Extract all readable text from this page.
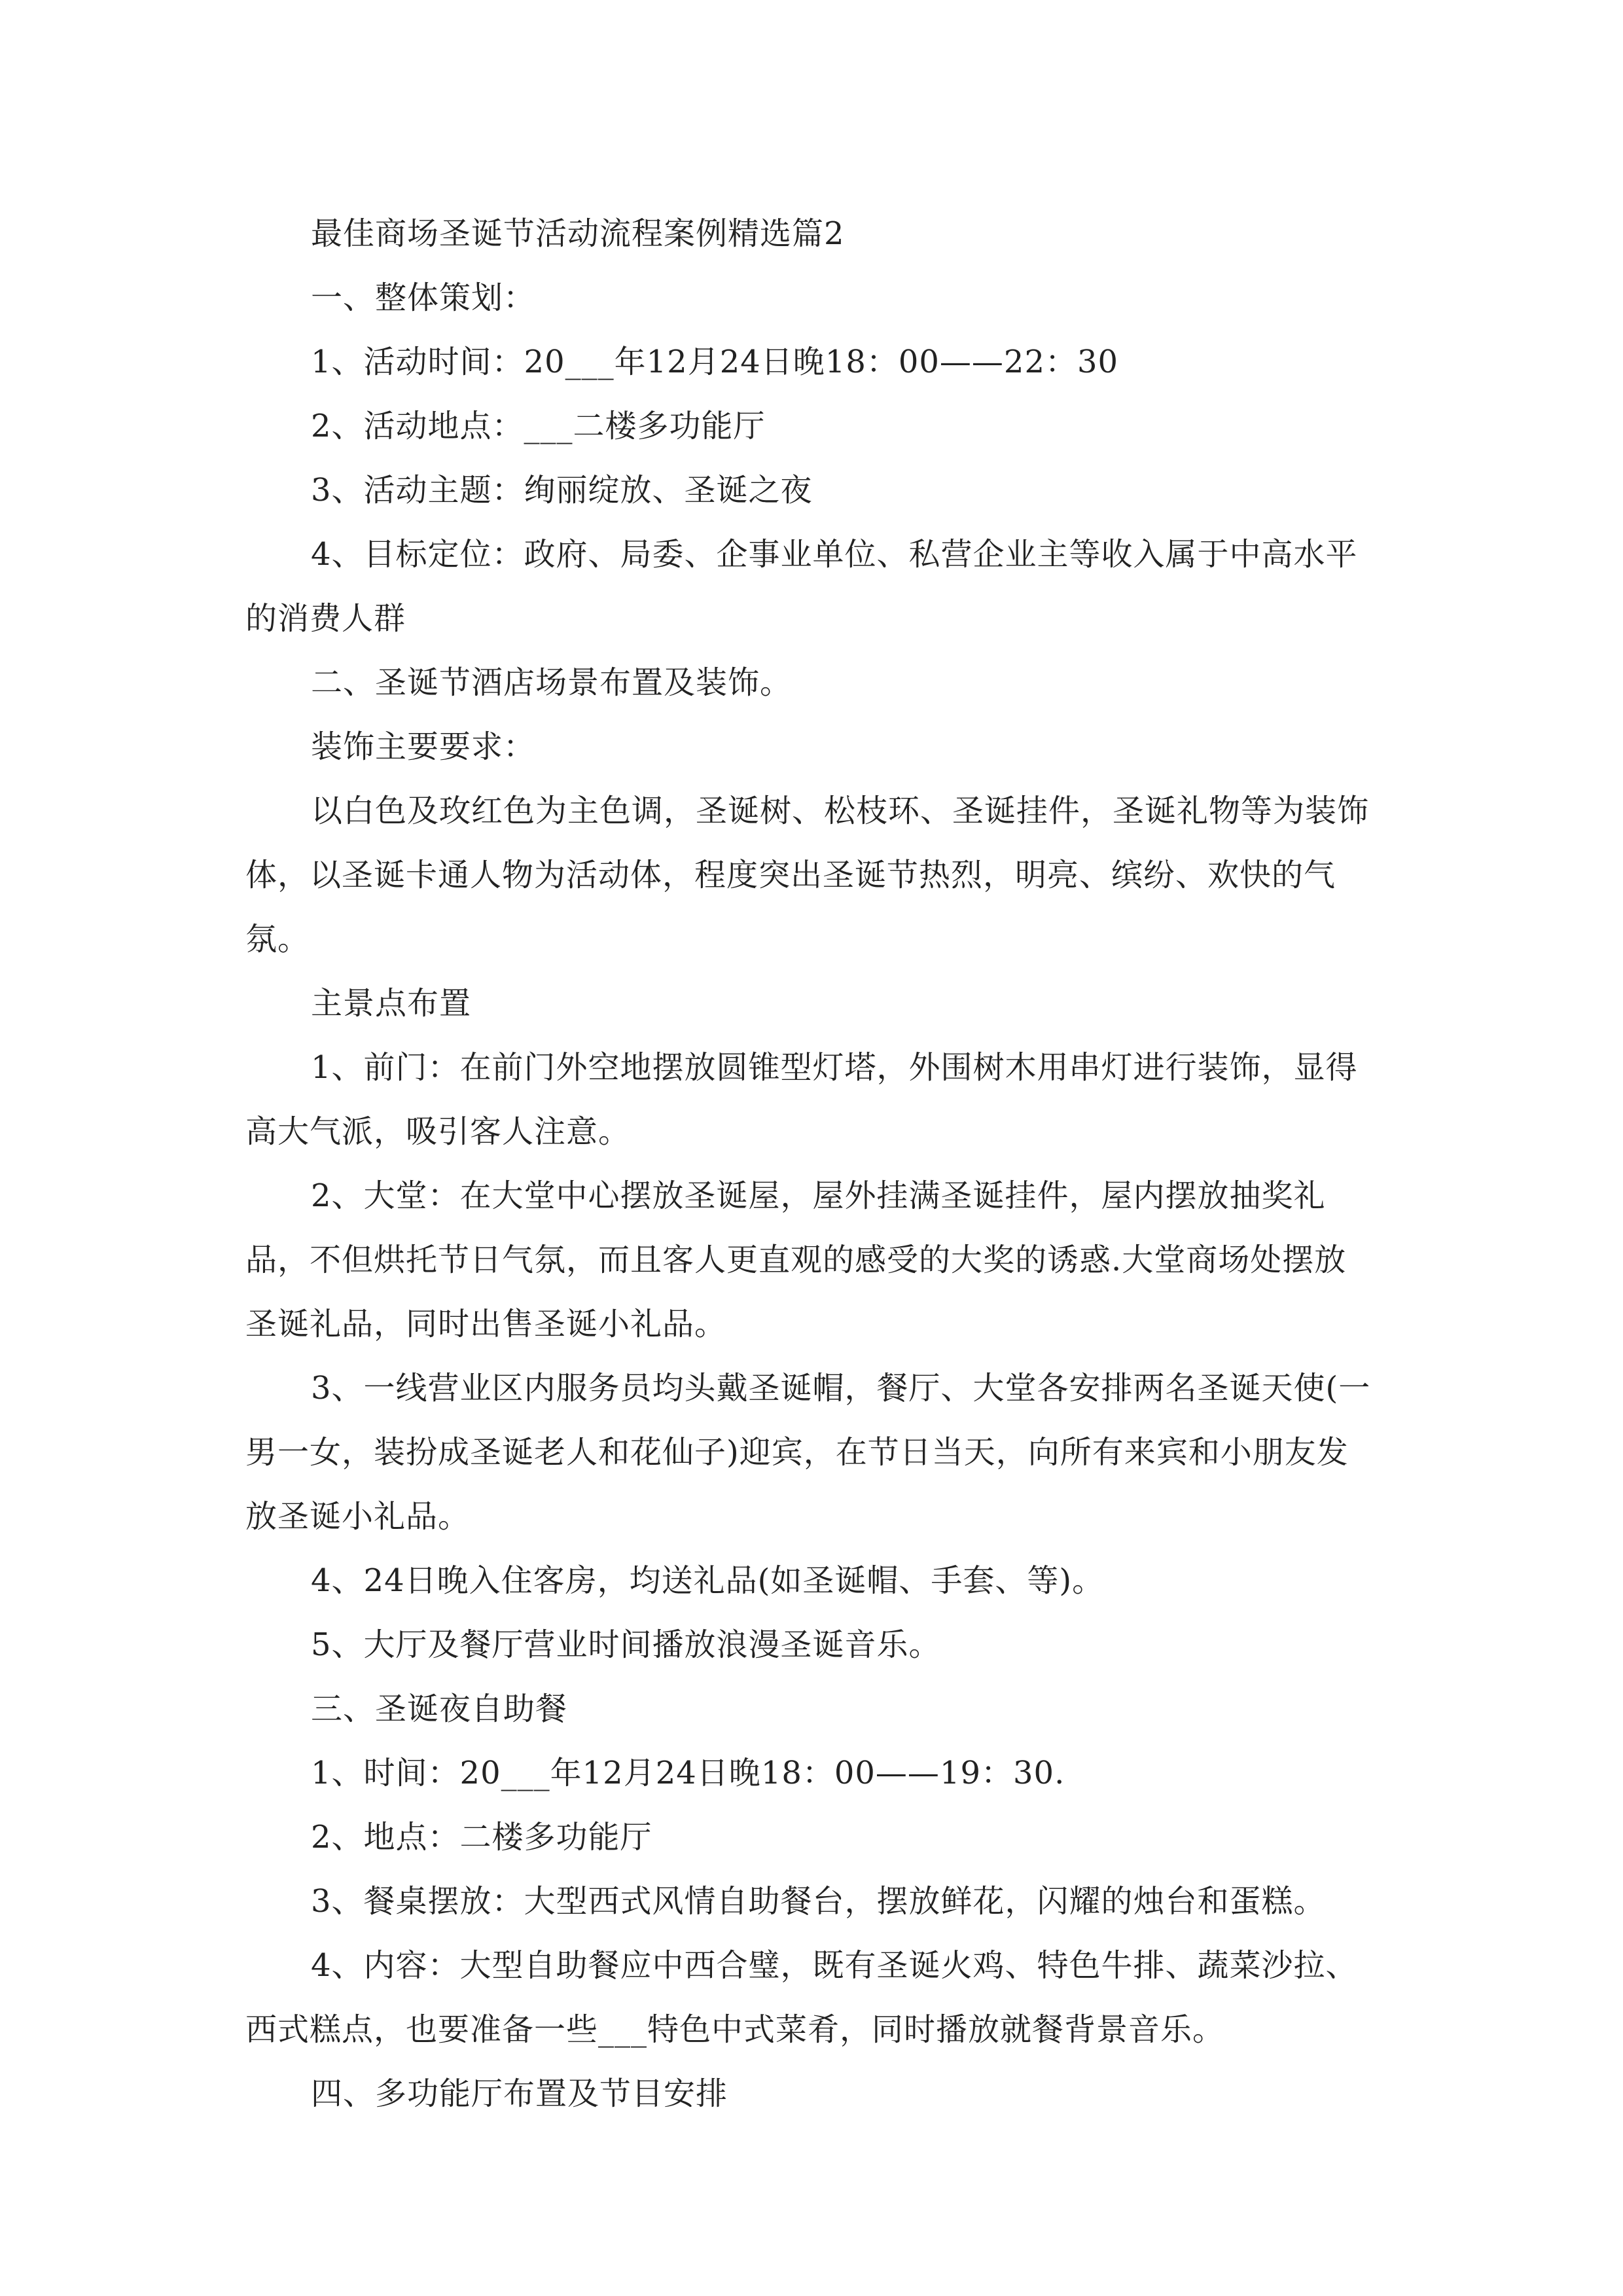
最佳商场圣诞节活动流程案例精选篇2

一、整体策划：

1、活动时间：20___年12月24日晚18：00——22：30

2、活动地点：___二楼多功能厅

3、活动主题：绚丽绽放、圣诞之夜

4、目标定位：政府、局委、企事业单位、私营企业主等收入属于中高水平的消费人群

二、圣诞节酒店场景布置及装饰。

装饰主要要求：

以白色及玫红色为主色调，圣诞树、松枝环、圣诞挂件，圣诞礼物等为装饰体，以圣诞卡通人物为活动体，程度突出圣诞节热烈，明亮、缤纷、欢快的气氛。

主景点布置

1、前门：在前门外空地摆放圆锥型灯塔，外围树木用串灯进行装饰，显得高大气派，吸引客人注意。

2、大堂：在大堂中心摆放圣诞屋，屋外挂满圣诞挂件，屋内摆放抽奖礼品，不但烘托节日气氛，而且客人更直观的感受的大奖的诱惑.大堂商场处摆放圣诞礼品，同时出售圣诞小礼品。

3、一线营业区内服务员均头戴圣诞帽，餐厅、大堂各安排两名圣诞天使(一男一女，装扮成圣诞老人和花仙子)迎宾，在节日当天，向所有来宾和小朋友发放圣诞小礼品。

4、24日晚入住客房，均送礼品(如圣诞帽、手套、等)。

5、大厅及餐厅营业时间播放浪漫圣诞音乐。

三、圣诞夜自助餐

1、时间：20___年12月24日晚18：00——19：30.

2、地点：二楼多功能厅

3、餐桌摆放：大型西式风情自助餐台，摆放鲜花，闪耀的烛台和蛋糕。

4、内容：大型自助餐应中西合璧，既有圣诞火鸡、特色牛排、蔬菜沙拉、西式糕点，也要准备一些___特色中式菜肴，同时播放就餐背景音乐。

四、多功能厅布置及节目安排
